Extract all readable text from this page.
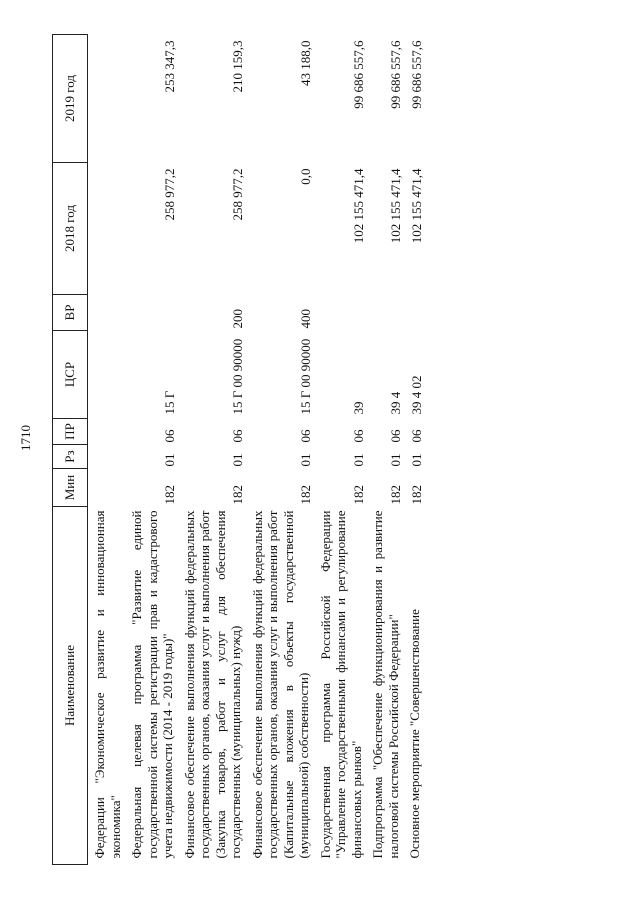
1710
Наименование	Мин	Рз	ПР	ЦСР	ВР	2018 год	2019 год
Федерации "Экономическое развитие и инновационная экономика"							
Федеральная целевая программа "Развитие единой государственной системы регистрации прав и кадастрового учета недвижимости (2014 - 2019 годы)"	182	01	06	15 Г		258 977,2	253 347,3
Финансовое обеспечение выполнения функций федеральных государственных органов, оказания услуг и выполнения работ (Закупка товаров, работ и услуг для обеспечения государственных (муниципальных) нужд)	182	01	06	15 Г 00 90000	200	258 977,2	210 159,3
Финансовое обеспечение выполнения функций федеральных государственных органов, оказания услуг и выполнения работ (Капитальные вложения в объекты государственной (муниципальной) собственности)	182	01	06	15 Г 00 90000	400	0,0	43 188,0
Государственная программа Российской Федерации "Управление государственными финансами и регулирование финансовых рынков"	182	01	06	39		102 155 471,4	99 686 557,6
Подпрограмма "Обеспечение функционирования и развитие налоговой системы Российской Федерации"	182	01	06	39 4		102 155 471,4	99 686 557,6
Основное мероприятие "Совершенствование	182	01	06	39 4 02		102 155 471,4	99 686 557,6
